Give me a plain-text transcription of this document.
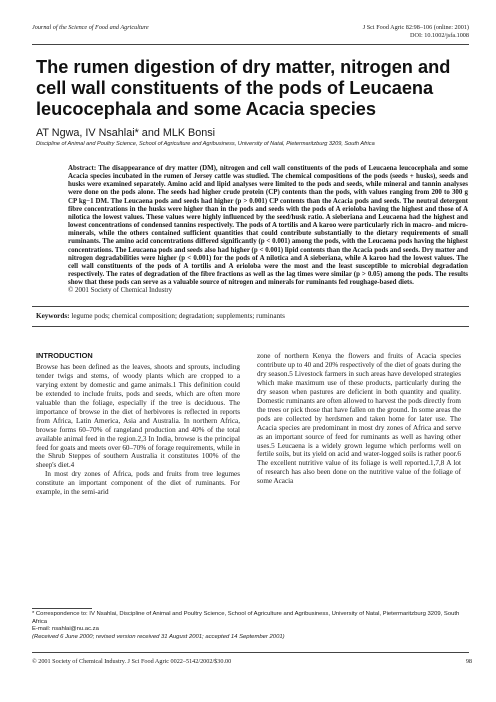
Journal of the Science of Food and Agriculture	J Sci Food Agric 82:98–106 (online: 2001)
DOI: 10.1002/jsfa.1008
The rumen digestion of dry matter, nitrogen and cell wall constituents of the pods of Leucaena leucocephala and some Acacia species
AT Ngwa, IV Nsahlai* and MLK Bonsi
Discipline of Animal and Poultry Science, School of Agriculture and Agribusiness, University of Natal, Pietermaritzburg 3209, South Africa
Abstract: The disappearance of dry matter (DM), nitrogen and cell wall constituents of the pods of Leucaena leucocephala and some Acacia species incubated in the rumen of Jersey cattle was studied. The chemical compositions of the pods (seeds + husks), seeds and husks were examined separately. Amino acid and lipid analyses were limited to the pods and seeds, while mineral and tannin analyses were done on the pods alone. The seeds had higher crude protein (CP) contents than the pods, with values ranging from 200 to 300 g CP kg−1 DM. The Leucaena pods and seeds had higher (p > 0.001) CP contents than the Acacia pods and seeds. The neutral detergent fibre concentrations in the husks were higher than in the pods and seeds with the pods of A erioloba having the highest and those of A nilotica the lowest values. These values were highly influenced by the seed/husk ratio. A sieberiana and Leucaena had the highest and lowest concentrations of condensed tannins respectively. The pods of A tortilis and A karoo were particularly rich in macro- and micro-minerals, while the others contained sufficient quantities that could contribute substantially to the dietary requirements of small ruminants. The amino acid concentrations differed significantly (p < 0.001) among the pods, with the Leucaena pods having the highest concentrations. The Leucaena pods and seeds also had higher (p < 0.001) lipid contents than the Acacia pods and seeds. Dry matter and nitrogen degradabilities were higher (p < 0.001) for the pods of A nilotica and A sieberiana, while A karoo had the lowest values. The cell wall constituents of the pods of A tortilis and A erioloba were the most and the least susceptible to microbial degradation respectively. The rates of degradation of the fibre fractions as well as the lag times were similar (p > 0.05) among the pods. The results show that these pods can serve as a valuable source of nitrogen and minerals for ruminants fed roughage-based diets.
© 2001 Society of Chemical Industry
Keywords: legume pods; chemical composition; degradation; supplements; ruminants
INTRODUCTION

Browse has been defined as the leaves, shoots and sprouts, including tender twigs and stems, of woody plants which are cropped to a varying extent by domestic and game animals.1 This definition could be extended to include fruits, pods and seeds, which are often more valuable than the foliage, especially if the tree is deciduous. The importance of browse in the diet of herbivores is reflected in reports from Africa, Latin America, Asia and Australia. In northern Africa, browse forms 60–70% of rangeland production and 40% of the total available animal feed in the region.2,3 In India, browse is the principal feed for goats and meets over 60–70% of forage requirements, while in the Shrub Steppes of southern Australia it constitutes 100% of the sheep's diet.4

In most dry zones of Africa, pods and fruits from tree legumes constitute an important component of the diet of ruminants. For example, in the semi-arid

zone of northern Kenya the flowers and fruits of Acacia species contribute up to 40 and 20% respectively of the diet of goats during the dry season.5 Livestock farmers in such areas have developed strategies which make maximum use of these products, particularly during the dry season when pastures are deficient in both quantity and quality. Domestic ruminants are often allowed to harvest the pods directly from the trees or pick those that have fallen on the ground. In some areas the pods are collected by herdsmen and taken home for later use. The Acacia species are predominant in most dry zones of Africa and serve as an important source of feed for ruminants as well as having other uses.5 Leucaena is a widely grown legume which performs well on fertile soils, but its yield on acid and water-logged soils is rather poor.6 The excellent nutritive value of its foliage is well reported.1,7,8 A lot of research has also been done on the nutritive value of the foliage of some Acacia

* Correspondence to: IV Nsahlai, Discipline of Animal and Poultry Science, School of Agriculture and Agribusiness, University of Natal, Pietermaritzburg 3209, South Africa
E-mail: nsahlai@nu.ac.za
(Received 6 June 2000; revised version received 31 August 2001; accepted 14 September 2001)
© 2001 Society of Chemical Industry. J Sci Food Agric 0022–5142/2002/$30.00	98
